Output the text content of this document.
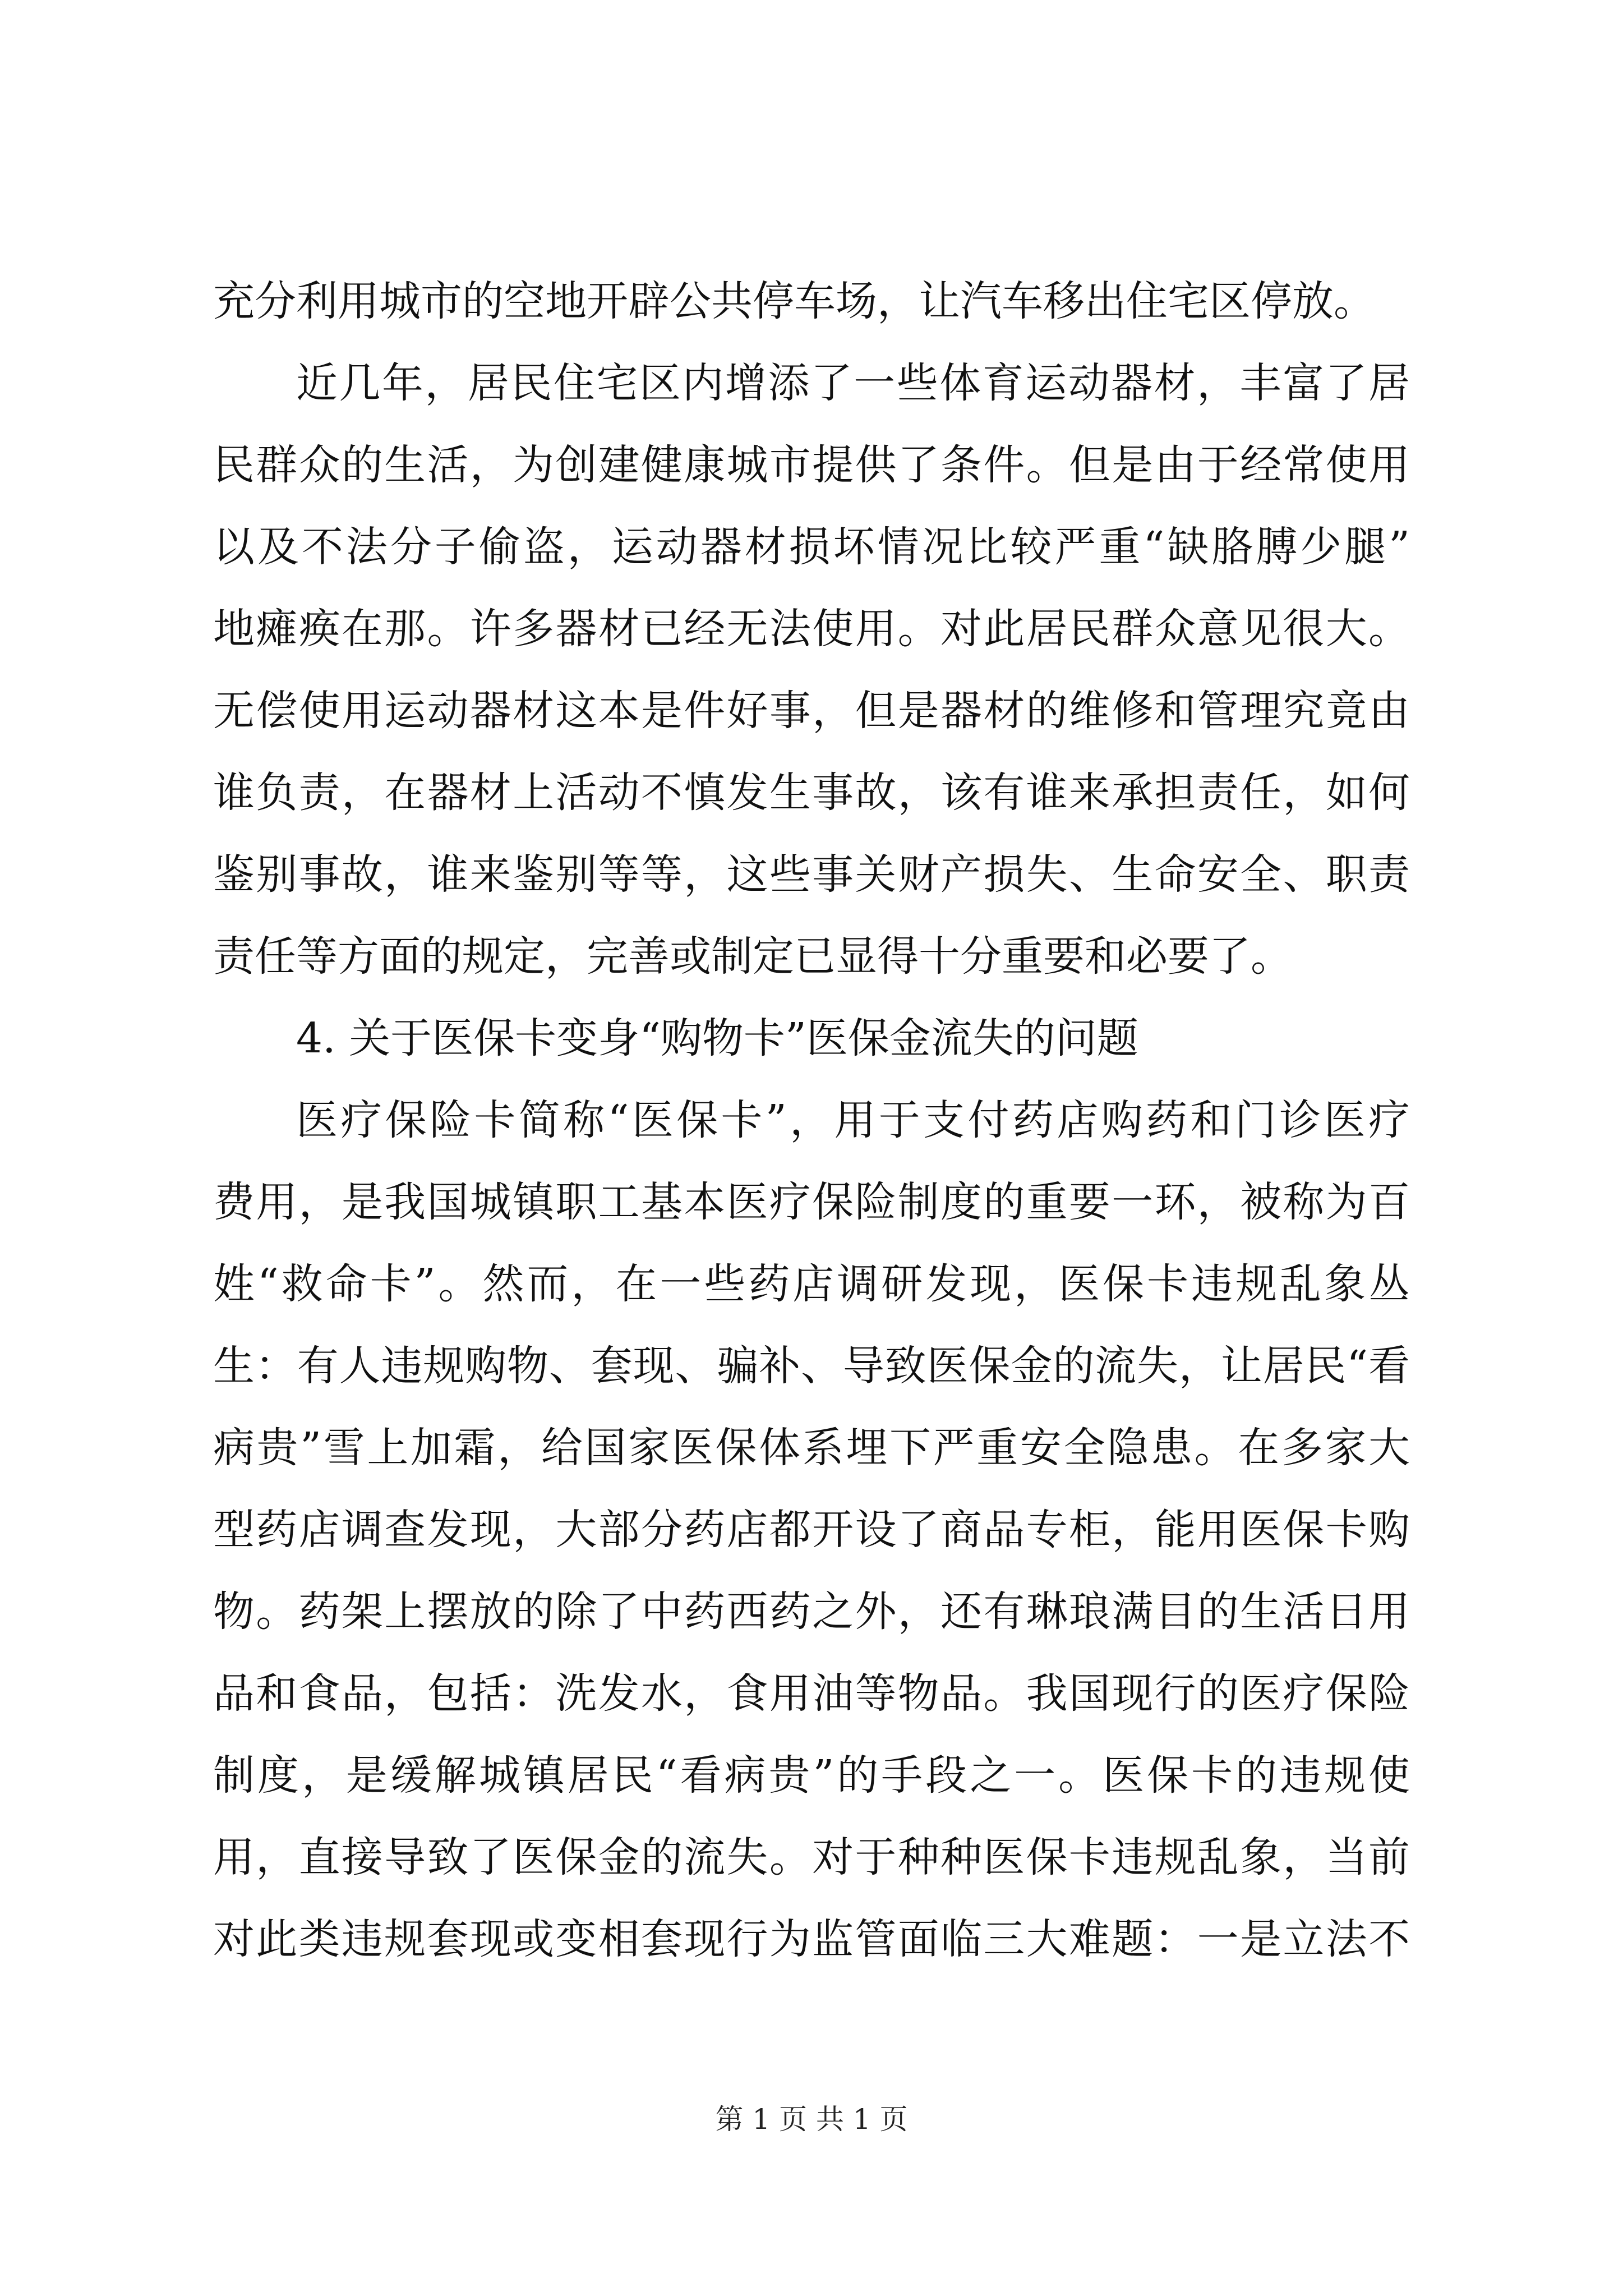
充分利用城市的空地开辟公共停车场，让汽车移出住宅区停放。
近几年，居民住宅区内增添了一些体育运动器材，丰富了居
民群众的生活，为创建健康城市提供了条件。但是由于经常使用
以及不法分子偷盗，运动器材损坏情况比较严重“缺胳膊少腿”
地瘫痪在那。许多器材已经无法使用。对此居民群众意见很大。
无偿使用运动器材这本是件好事，但是器材的维修和管理究竟由
谁负责，在器材上活动不慎发生事故，该有谁来承担责任，如何
鉴别事故，谁来鉴别等等，这些事关财产损失、生命安全、职责
责任等方面的规定，完善或制定已显得十分重要和必要了。
4. 关于医保卡变身“购物卡”医保金流失的问题
医疗保险卡简称“医保卡”，用于支付药店购药和门诊医疗
费用，是我国城镇职工基本医疗保险制度的重要一环，被称为百
姓“救命卡”。然而，在一些药店调研发现，医保卡违规乱象丛
生：有人违规购物、套现、骗补、导致医保金的流失，让居民“看
病贵”雪上加霜，给国家医保体系埋下严重安全隐患。在多家大
型药店调查发现，大部分药店都开设了商品专柜，能用医保卡购
物。药架上摆放的除了中药西药之外，还有琳琅满目的生活日用
品和食品，包括：洗发水，食用油等物品。我国现行的医疗保险
制度，是缓解城镇居民“看病贵”的手段之一。医保卡的违规使
用，直接导致了医保金的流失。对于种种医保卡违规乱象，当前
对此类违规套现或变相套现行为监管面临三大难题：一是立法不
第 1 页 共 1 页
